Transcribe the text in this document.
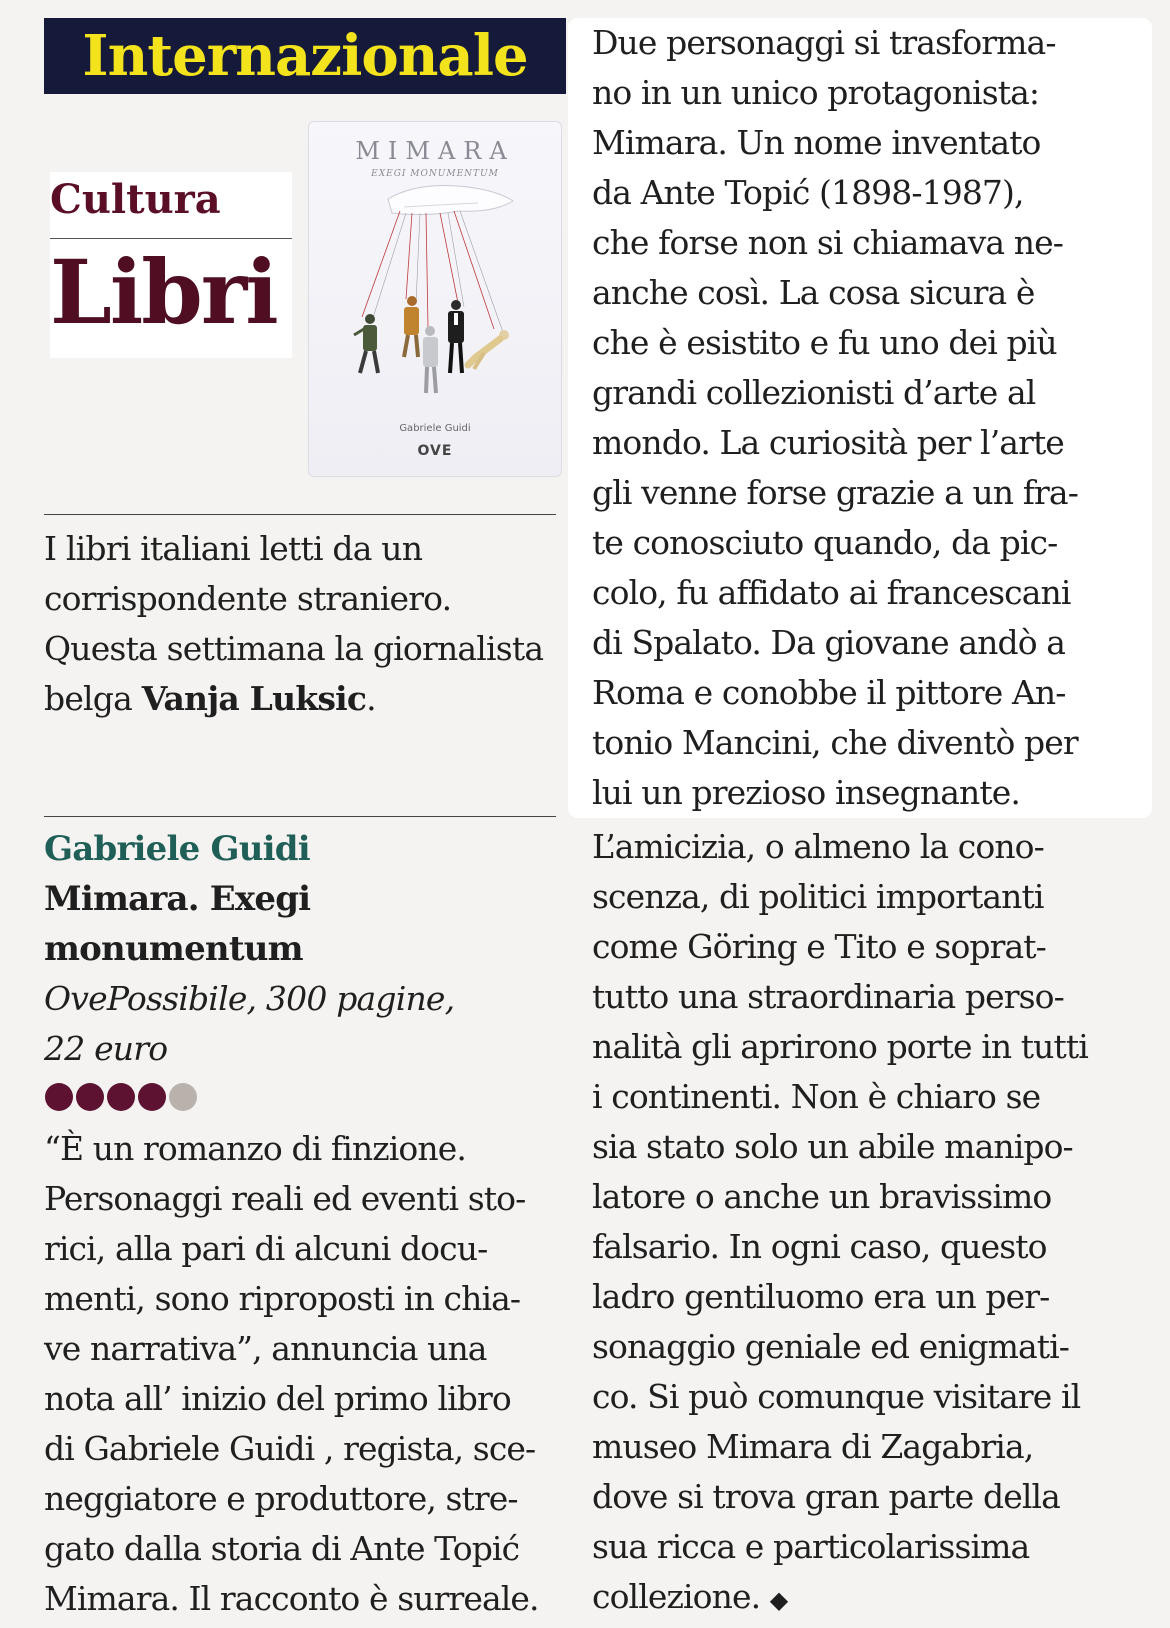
Internazionale
Cultura
Libri
MIMARA
EXEGI MONUMENTUM
Gabriele Guidi
OVE

I libri italiani letti da un corrispondente straniero. Questa settimana la giornalista belga Vanja Luksic.

Gabriele Guidi
Mimara. Exegi monumentum
OvePossibile, 300 pagine,
22 euro
“È un romanzo di finzione.
Personaggi reali ed eventi sto-
rici, alla pari di alcuni docu-
menti, sono riproposti in chia-
ve narrativa”, annuncia una
nota all’ inizio del primo libro
di Gabriele Guidi , regista, sce-
neggiatore e produttore, stre-
gato dalla storia di Ante Topić
Mimara. Il racconto è surreale.
Due personaggi si trasforma-
no in un unico protagonista:
Mimara. Un nome inventato
da Ante Topić (1898-1987),
che forse non si chiamava ne-
anche così. La cosa sicura è
che è esistito e fu uno dei più
grandi collezionisti d’arte al
mondo. La curiosità per l’arte
gli venne forse grazie a un fra-
te conosciuto quando, da pic-
colo, fu affidato ai francescani
di Spalato. Da giovane andò a
Roma e conobbe il pittore An-
tonio Mancini, che diventò per
lui un prezioso insegnante.
L’amicizia, o almeno la cono-
scenza, di politici importanti
come Göring e Tito e soprat-
tutto una straordinaria perso-
nalità gli aprirono porte in tutti
i continenti. Non è chiaro se
sia stato solo un abile manipo-
latore o anche un bravissimo
falsario. In ogni caso, questo
ladro gentiluomo era un per-
sonaggio geniale ed enigmati-
co. Si può comunque visitare il
museo Mimara di Zagabria,
dove si trova gran parte della
sua ricca e particolarissima
collezione. ◆
